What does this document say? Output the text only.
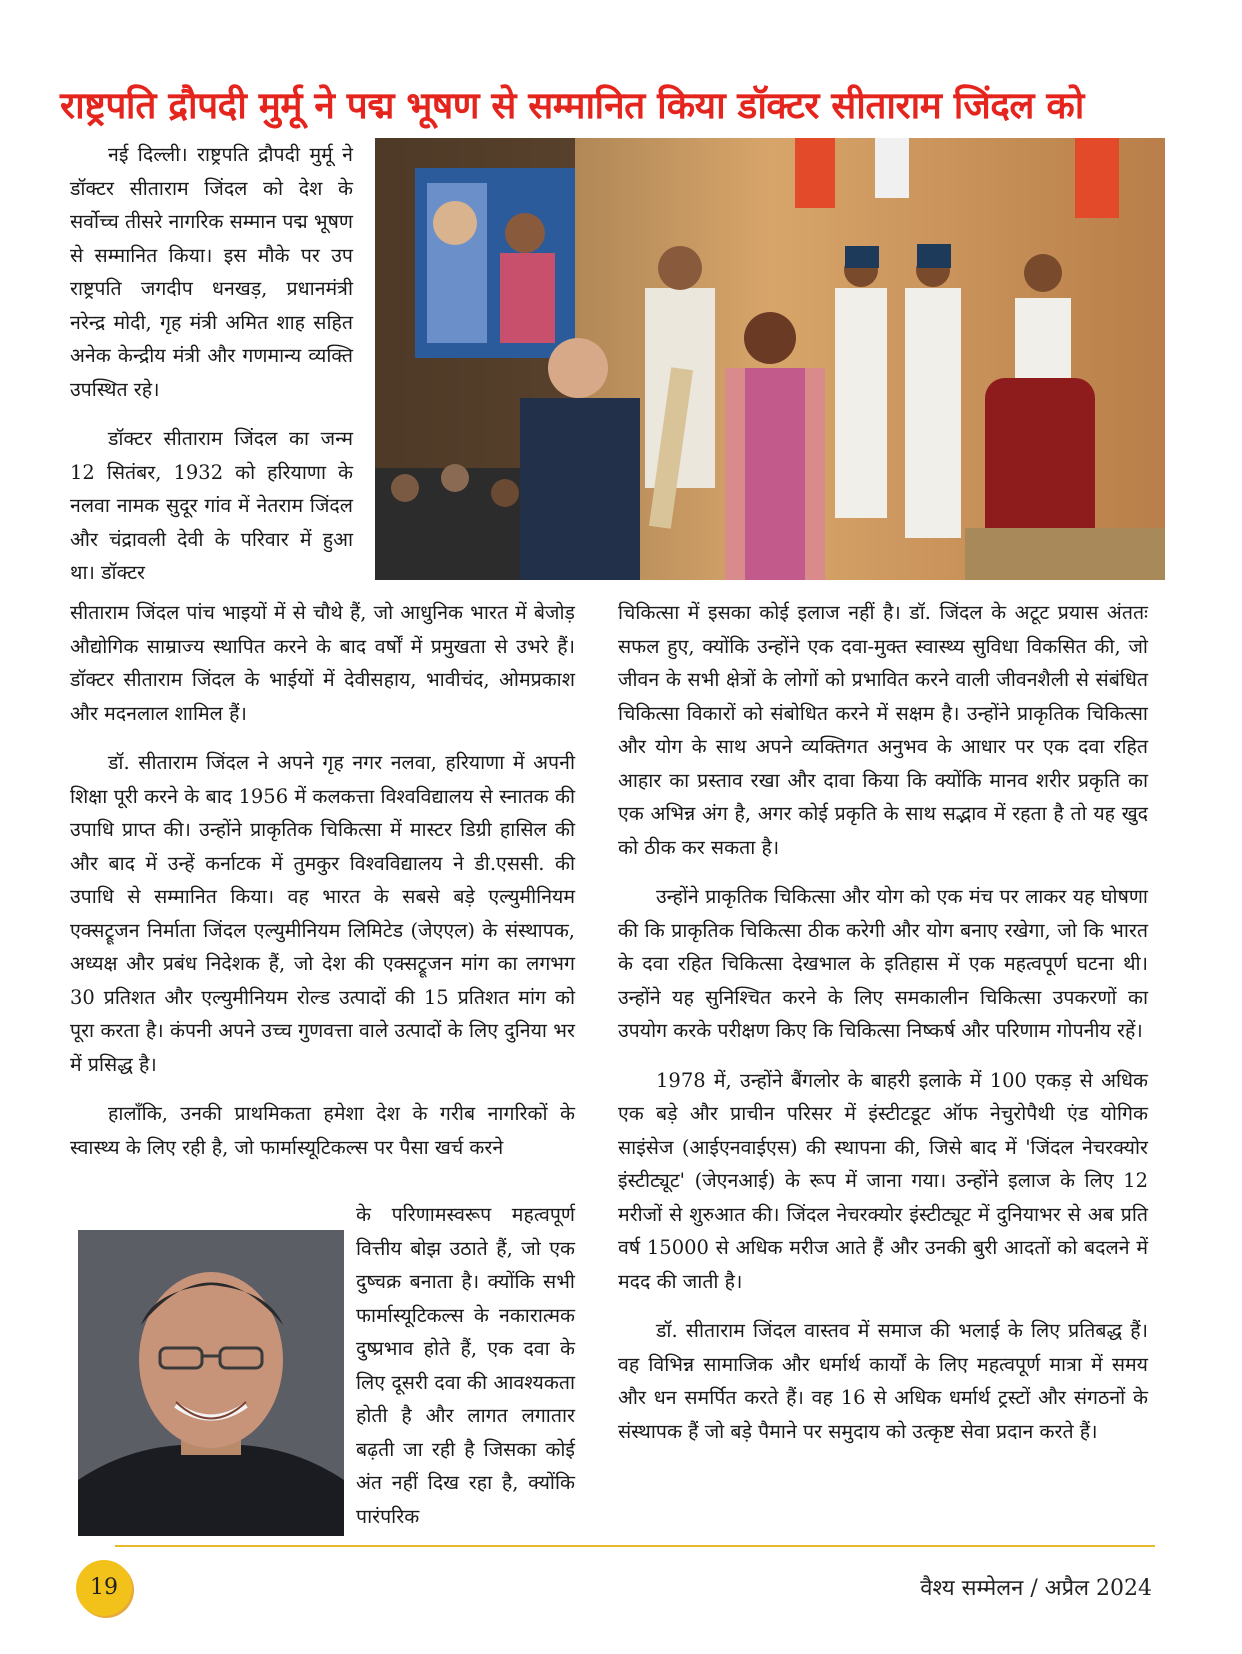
राष्ट्रपति द्रौपदी मुर्मू ने पद्म भूषण से सम्मानित किया डॉक्टर सीताराम जिंदल को

नई दिल्ली। राष्ट्रपति द्रौपदी मुर्मू ने डॉक्टर सीताराम जिंदल को देश के सर्वोच्च तीसरे नागरिक सम्मान पद्म भूषण से सम्मानित किया। इस मौके पर उप राष्ट्रपति जगदीप धनखड़, प्रधानमंत्री नरेन्द्र मोदी, गृह मंत्री अमित शाह सहित अनेक केन्द्रीय मंत्री और गणमान्य व्यक्ति उपस्थित रहे।

डॉक्टर सीताराम जिंदल का जन्म 12 सितंबर, 1932 को हरियाणा के नलवा नामक सुदूर गांव में नेतराम जिंदल और चंद्रावली देवी के परिवार में हुआ था। डॉक्टर

सीताराम जिंदल पांच भाइयों में से चौथे हैं, जो आधुनिक भारत में बेजोड़ औद्योगिक साम्राज्य स्थापित करने के बाद वर्षों में प्रमुखता से उभरे हैं। डॉक्टर सीताराम जिंदल के भाईयों में देवीसहाय, भावीचंद, ओमप्रकाश और मदनलाल शामिल हैं।

डॉ. सीताराम जिंदल ने अपने गृह नगर नलवा, हरियाणा में अपनी शिक्षा पूरी करने के बाद 1956 में कलकत्ता विश्वविद्यालय से स्नातक की उपाधि प्राप्त की। उन्होंने प्राकृतिक चिकित्सा में मास्टर डिग्री हासिल की और बाद में उन्हें कर्नाटक में तुमकुर विश्वविद्यालय ने डी.एससी. की उपाधि से सम्मानित किया। वह भारत के सबसे बड़े एल्युमीनियम एक्सट्रूजन निर्माता जिंदल एल्युमीनियम लिमिटेड (जेएएल) के संस्थापक, अध्यक्ष और प्रबंध निदेशक हैं, जो देश की एक्सट्रूजन मांग का लगभग 30 प्रतिशत और एल्युमीनियम रोल्ड उत्पादों की 15 प्रतिशत मांग को पूरा करता है। कंपनी अपने उच्च गुणवत्ता वाले उत्पादों के लिए दुनिया भर में प्रसिद्ध है।

हालाँकि, उनकी प्राथमिकता हमेशा देश के गरीब नागरिकों के स्वास्थ्य के लिए रही है, जो फार्मास्यूटिकल्स पर पैसा खर्च करने

के परिणामस्वरूप महत्वपूर्ण वित्तीय बोझ उठाते हैं, जो एक दुष्चक्र बनाता है। क्योंकि सभी फार्मास्यूटिकल्स के नकारात्मक दुष्प्रभाव होते हैं, एक दवा के लिए दूसरी दवा की आवश्यकता होती है और लागत लगातार बढ़ती जा रही है जिसका कोई अंत नहीं दिख रहा है, क्योंकि पारंपरिक

चिकित्सा में इसका कोई इलाज नहीं है। डॉ. जिंदल के अटूट प्रयास अंततः सफल हुए, क्योंकि उन्होंने एक दवा-मुक्त स्वास्थ्य सुविधा विकसित की, जो जीवन के सभी क्षेत्रों के लोगों को प्रभावित करने वाली जीवनशैली से संबंधित चिकित्सा विकारों को संबोधित करने में सक्षम है। उन्होंने प्राकृतिक चिकित्सा और योग के साथ अपने व्यक्तिगत अनुभव के आधार पर एक दवा रहित आहार का प्रस्ताव रखा और दावा किया कि क्योंकि मानव शरीर प्रकृति का एक अभिन्न अंग है, अगर कोई प्रकृति के साथ सद्भाव में रहता है तो यह खुद को ठीक कर सकता है।

उन्होंने प्राकृतिक चिकित्सा और योग को एक मंच पर लाकर यह घोषणा की कि प्राकृतिक चिकित्सा ठीक करेगी और योग बनाए रखेगा, जो कि भारत के दवा रहित चिकित्सा देखभाल के इतिहास में एक महत्वपूर्ण घटना थी। उन्होंने यह सुनिश्चित करने के लिए समकालीन चिकित्सा उपकरणों का उपयोग करके परीक्षण किए कि चिकित्सा निष्कर्ष और परिणाम गोपनीय रहें।

1978 में, उन्होंने बैंगलोर के बाहरी इलाके में 100 एकड़ से अधिक एक बड़े और प्राचीन परिसर में इंस्टीटडूट ऑफ नेचुरोपैथी एंड योगिक साइंसेज (आईएनवाईएस) की स्थापना की, जिसे बाद में 'जिंदल नेचरक्योर इंस्टीट्यूट' (जेएनआई) के रूप में जाना गया। उन्होंने इलाज के लिए 12 मरीजों से शुरुआत की। जिंदल नेचरक्योर इंस्टीट्यूट में दुनियाभर से अब प्रति वर्ष 15000 से अधिक मरीज आते हैं और उनकी बुरी आदतों को बदलने में मदद की जाती है।

डॉ. सीताराम जिंदल वास्तव में समाज की भलाई के लिए प्रतिबद्ध हैं। वह विभिन्न सामाजिक और धर्मार्थ कार्यों के लिए महत्वपूर्ण मात्रा में समय और धन समर्पित करते हैं। वह 16 से अधिक धर्मार्थ ट्रस्टों और संगठनों के संस्थापक हैं जो बड़े पैमाने पर समुदाय को उत्कृष्ट सेवा प्रदान करते हैं।

19	वैश्य सम्मेलन / अप्रैल 2024
